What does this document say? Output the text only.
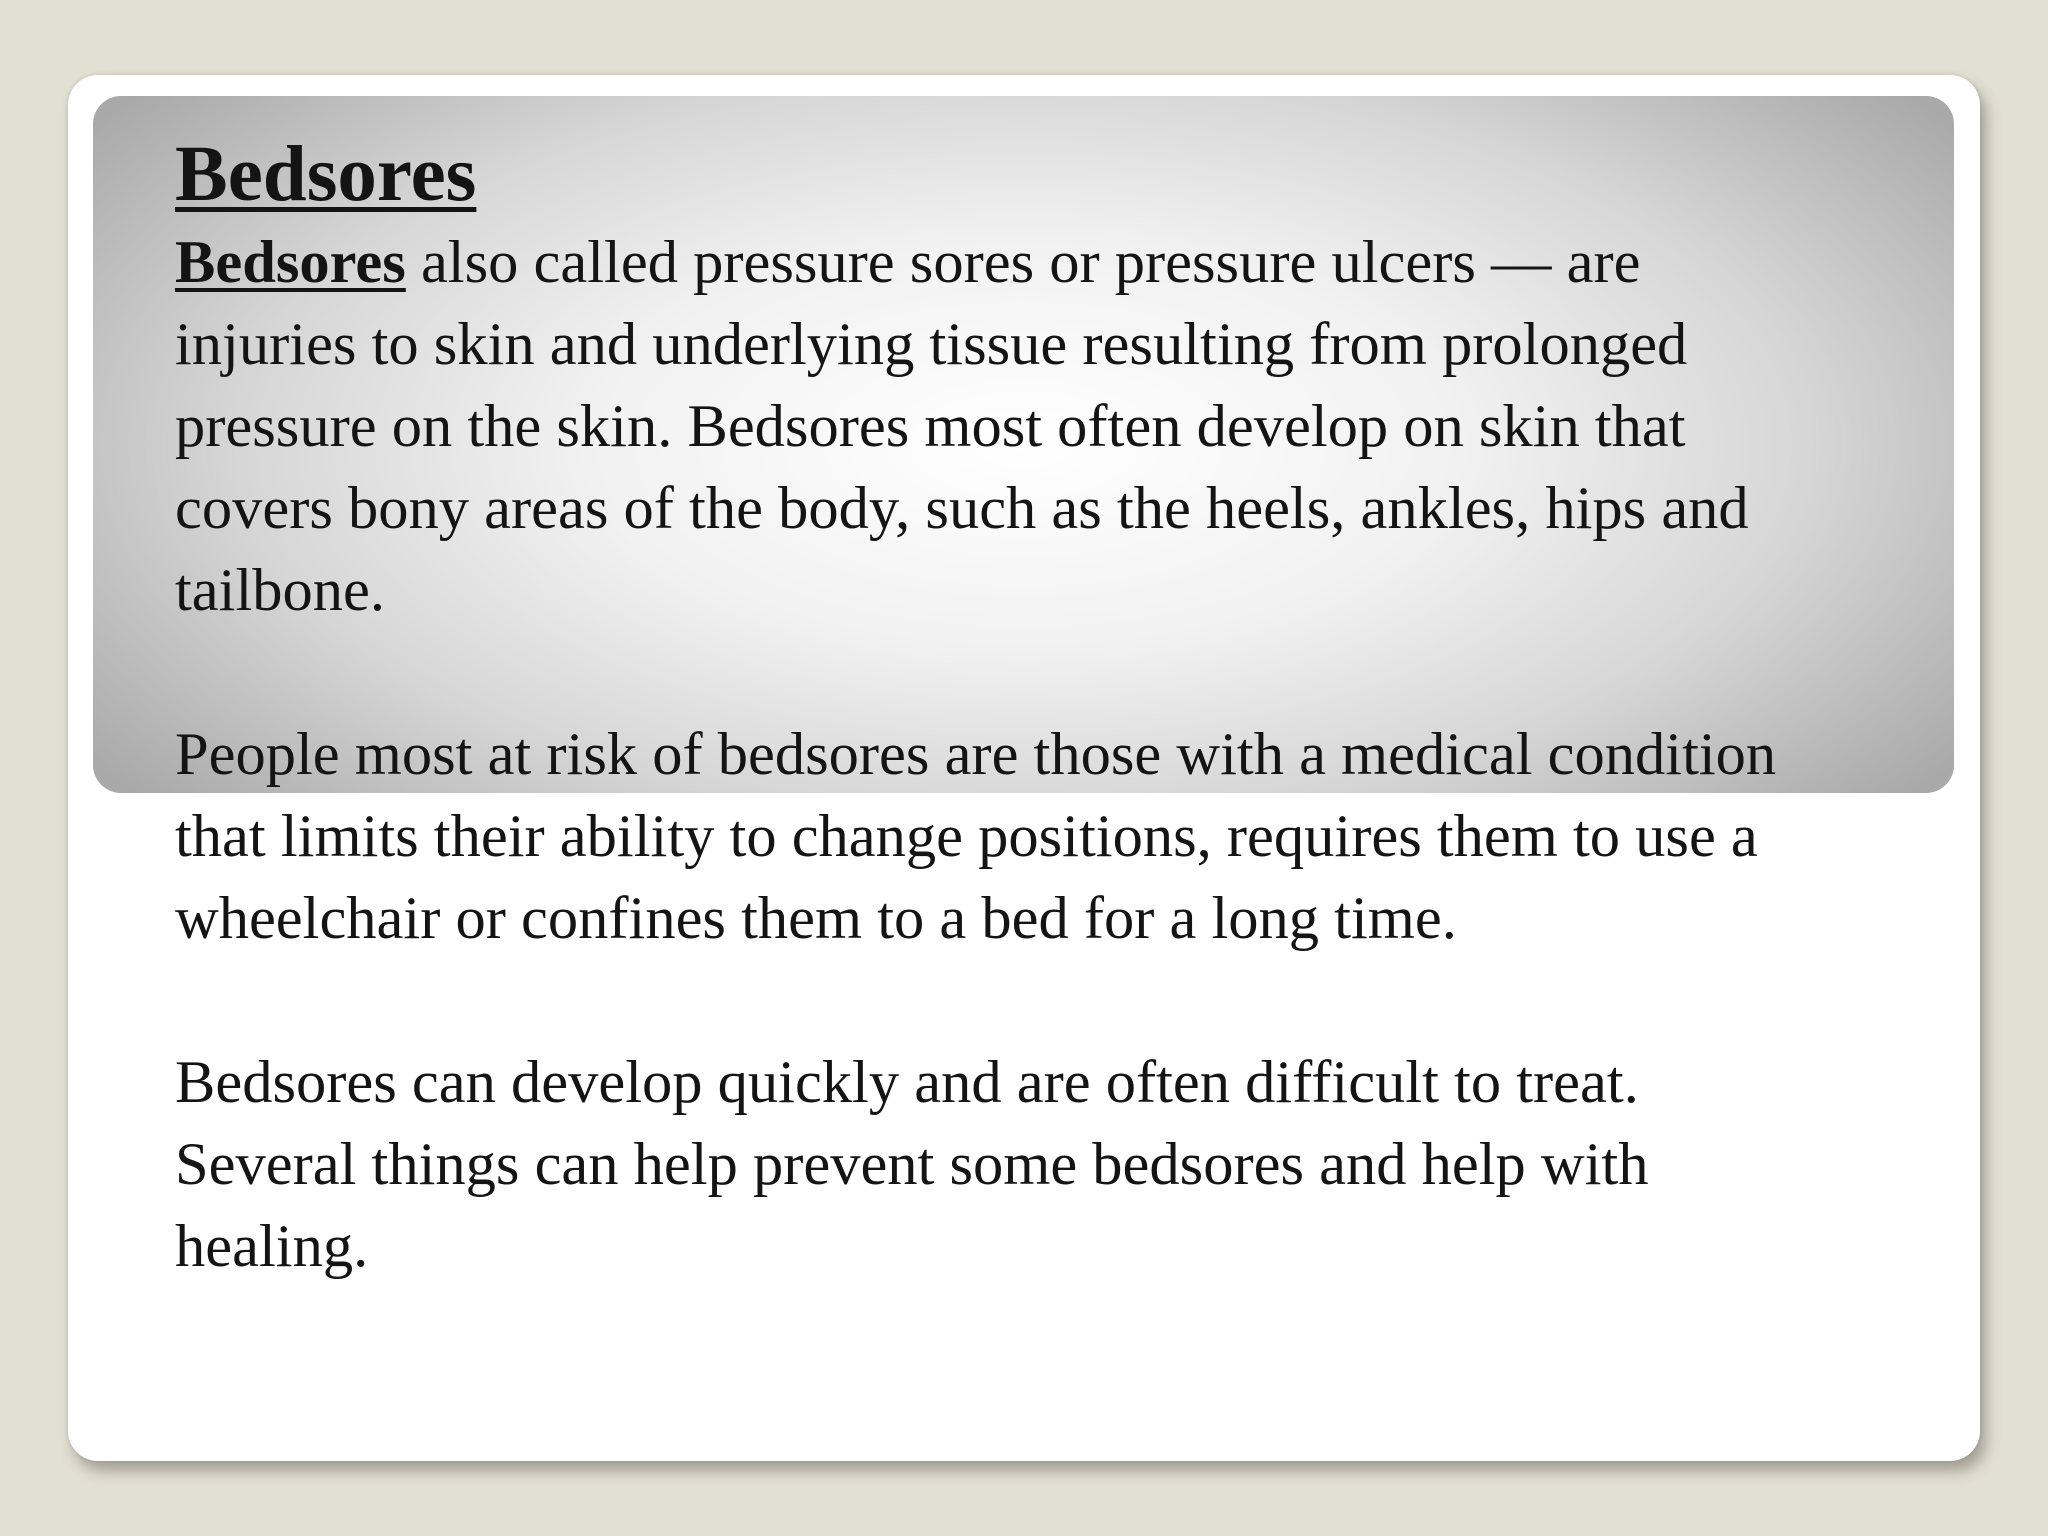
Bedsores

Bedsores also called pressure sores or pressure ulcers — are
injuries to skin and underlying tissue resulting from prolonged
pressure on the skin. Bedsores most often develop on skin that
covers bony areas of the body, such as the heels, ankles, hips and
tailbone.

People most at risk of bedsores are those with a medical condition
that limits their ability to change positions, requires them to use a
wheelchair or confines them to a bed for a long time.

Bedsores can develop quickly and are often difficult to treat.
Several things can help prevent some bedsores and help with
healing.
